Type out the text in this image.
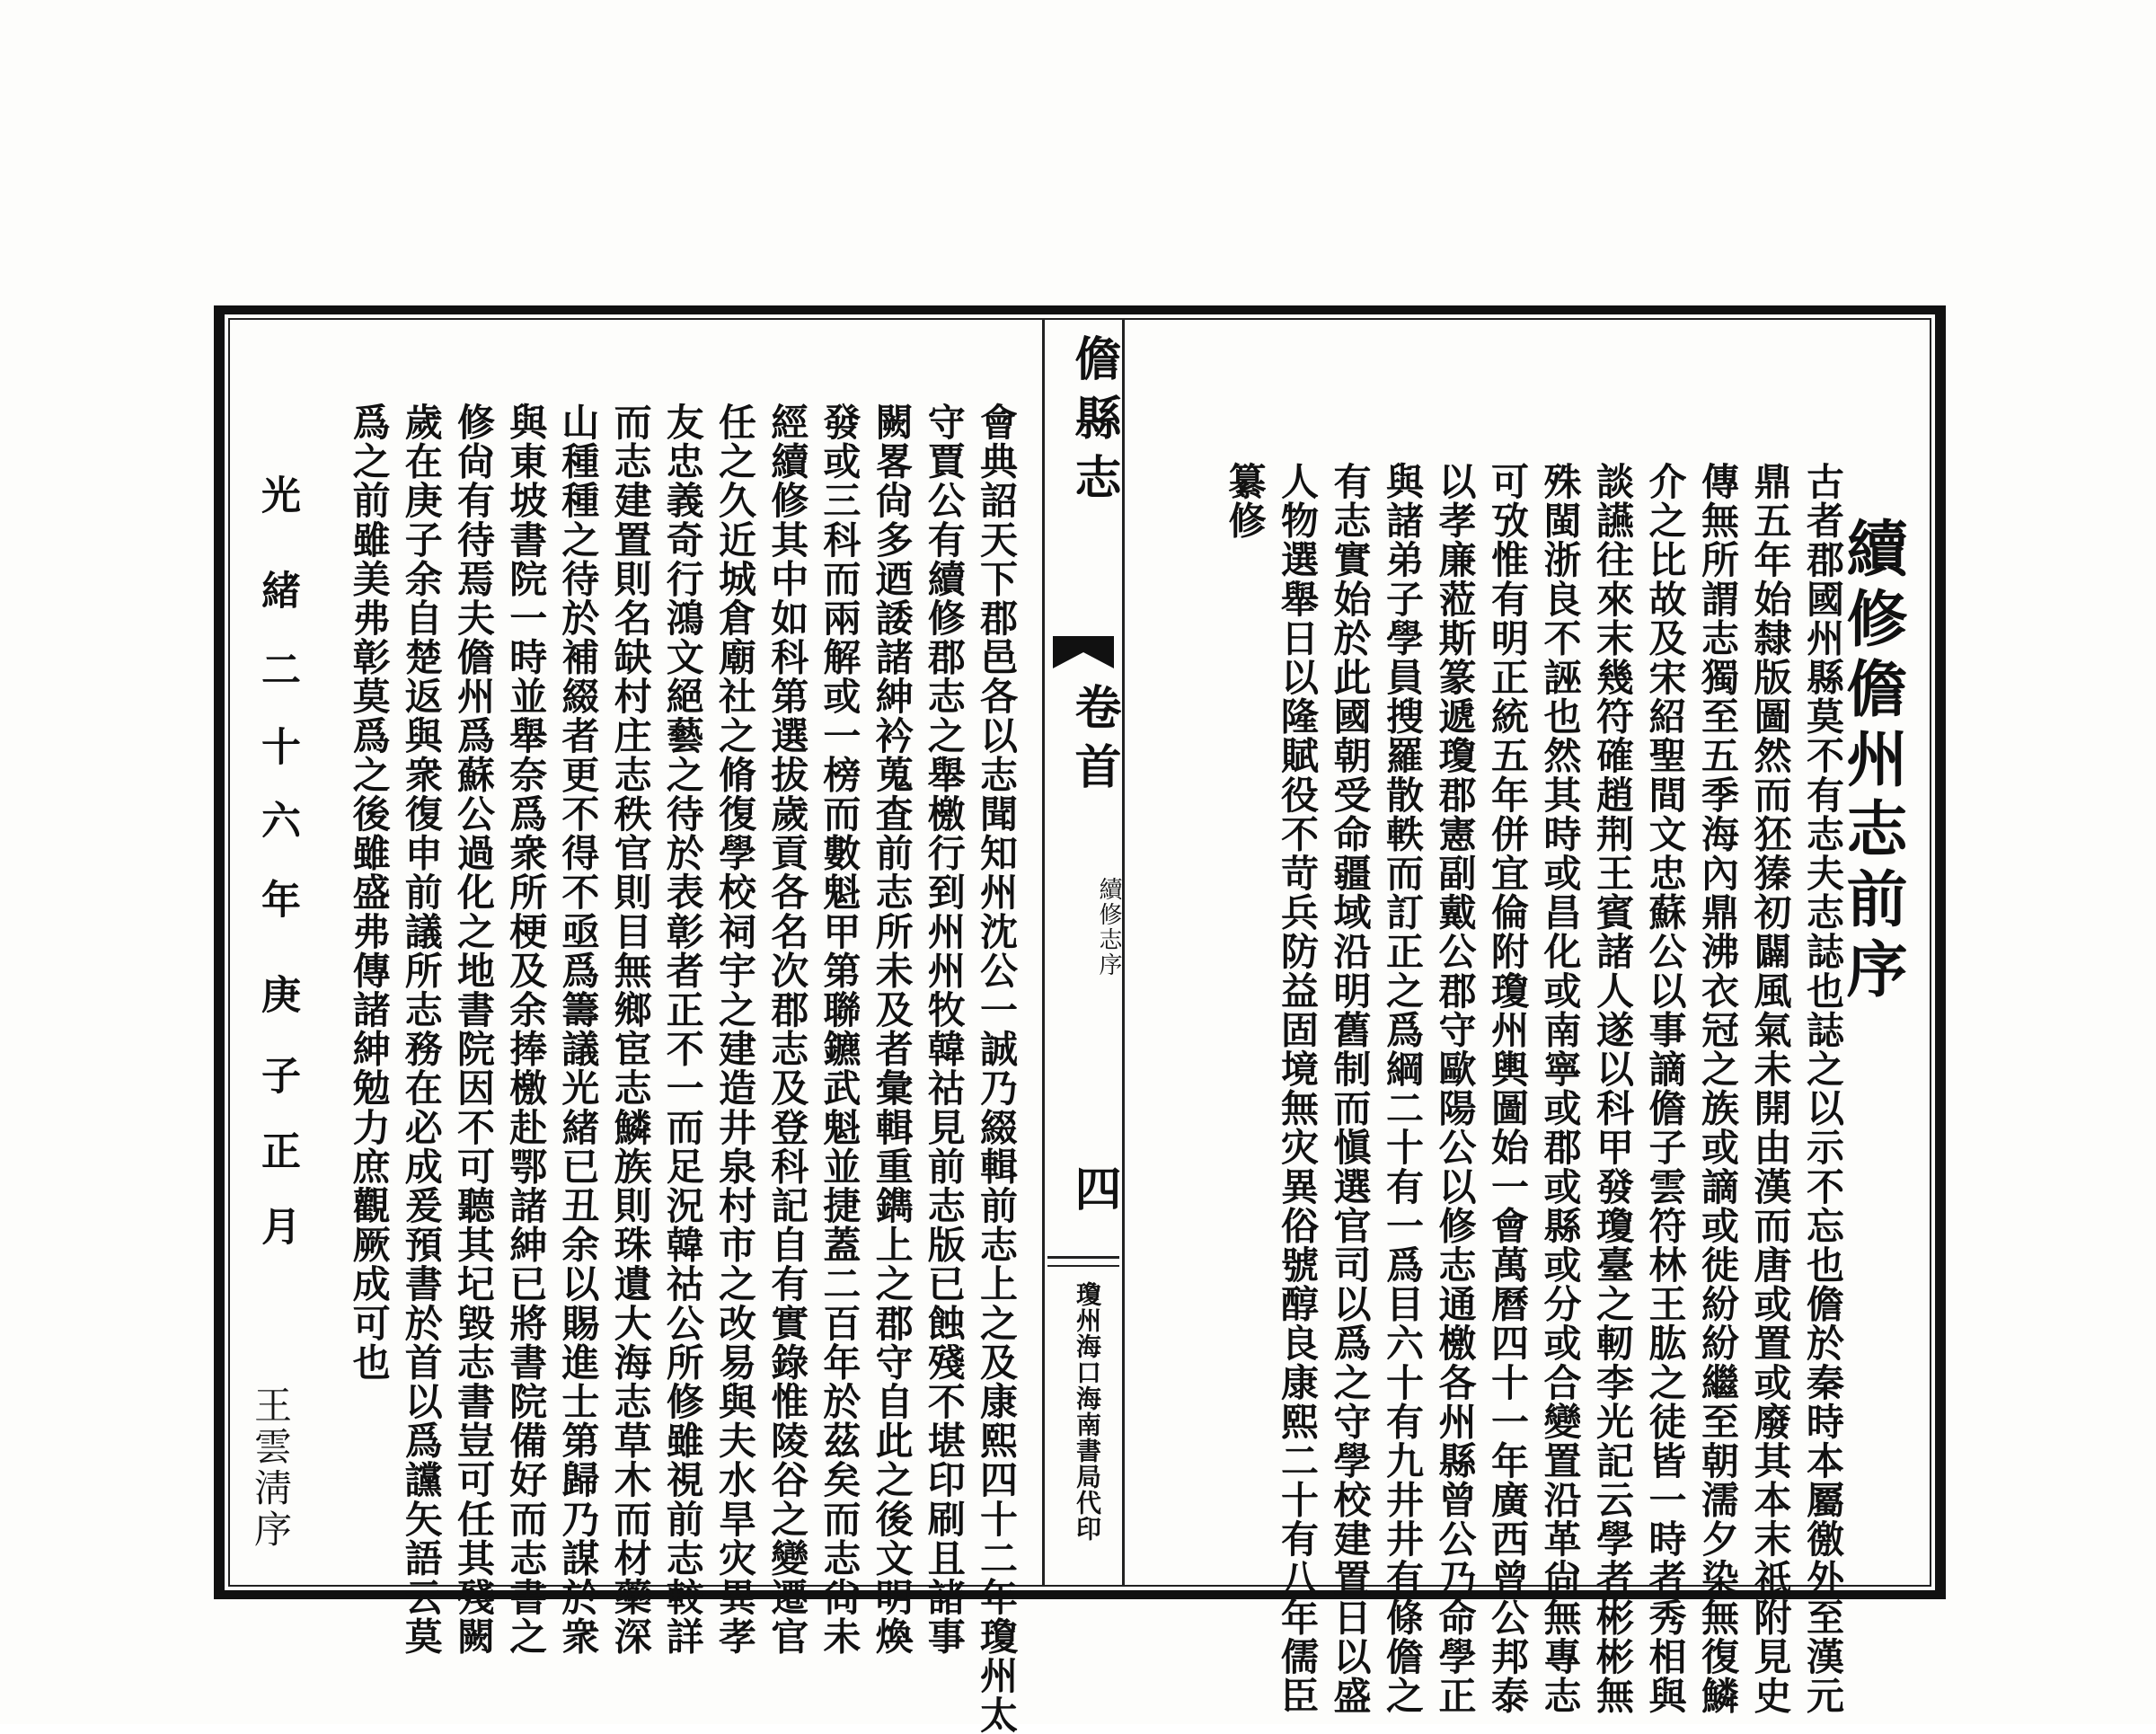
續修儋州志前序
古者郡國州縣莫不有志夫志誌也誌之以示不忘也儋於秦時本屬徼外至漢元
鼎五年始隸版圖然而狉獉初闢風氣未開由漢而唐或置或廢其本末祇附見史
傳無所謂志獨至五季海內鼎沸衣冠之族或謫或徙紛紛繼至朝濡夕染無復鱗
介之比故及宋紹聖間文忠蘇公以事謫儋子雲符林王肱之徒皆一時者秀相與
談讌往來末幾符確趙荆王賓諸人遂以科甲發瓊臺之軔李光記云學者彬彬無
殊閩浙良不誣也然其時或昌化或南寧或郡或縣或分或合變置沿革尙無專志
可攷惟有明正統五年併宜倫附瓊州輿圖始一會萬曆四十一年廣西曾公邦泰
以孝廉蒞斯篆遞瓊郡憲副戴公郡守歐陽公以修志通檄各州縣曾公乃命學正
與諸弟子學員搜羅散軼而訂正之爲綱二十有一爲目六十有九井井有條儋之
有志實始於此國朝受命疆域沿明舊制而愼選官司以爲之守學校建置日以盛
人物選舉日以隆賦役不苛兵防益固境無灾異俗號醇良康熙二十有八年儒臣
纂修
儋縣志
卷首
續修志序
四
瓊州海口海南書局代印
會典詔天下郡邑各以志聞知州沈公一誠乃綴輯前志上之及康熙四十二年瓊州太
守賈公有續修郡志之舉檄行到州州牧韓祜見前志版已蝕殘不堪印刷且諸事
闕畧尙多迺諉諸紳衿蒐査前志所未及者彙輯重鐫上之郡守自此之後文明煥
發或三科而兩解或一榜而數魁甲第聯鑣武魁並捷蓋二百年於茲矣而志尙未
經續修其中如科第選拔歲貢各名次郡志及登科記自有實錄惟陵谷之變遷官
任之久近城倉廟社之脩復學校祠宇之建造井泉村市之改易與夫水旱灾異孝
友忠義奇行鴻文絕藝之待於表彰者正不一而足況韓祜公所修雖視前志較詳
而志建置則名缺村庄志秩官則目無鄉宦志鱗族則珠遺大海志草木而材藥深
山種種之待於補綴者更不得不亟爲籌議光緒已丑余以賜進士第歸乃謀於衆
與東坡書院一時並舉奈爲衆所梗及余捧檄赴鄂諸紳已將書院備好而志書之
修尙有待焉夫儋州爲蘇公過化之地書院因不可聽其圮毀志書豈可任其殘闕
歲在庚子余自楚返與衆復申前議所志務在必成爰預書於首以爲讜矢語云莫
爲之前雖美弗彰莫爲之後雖盛弗傳諸紳勉力庶觀厥成可也
光
緒
二
十
六
年
庚
子
正
月
王雲淸序
